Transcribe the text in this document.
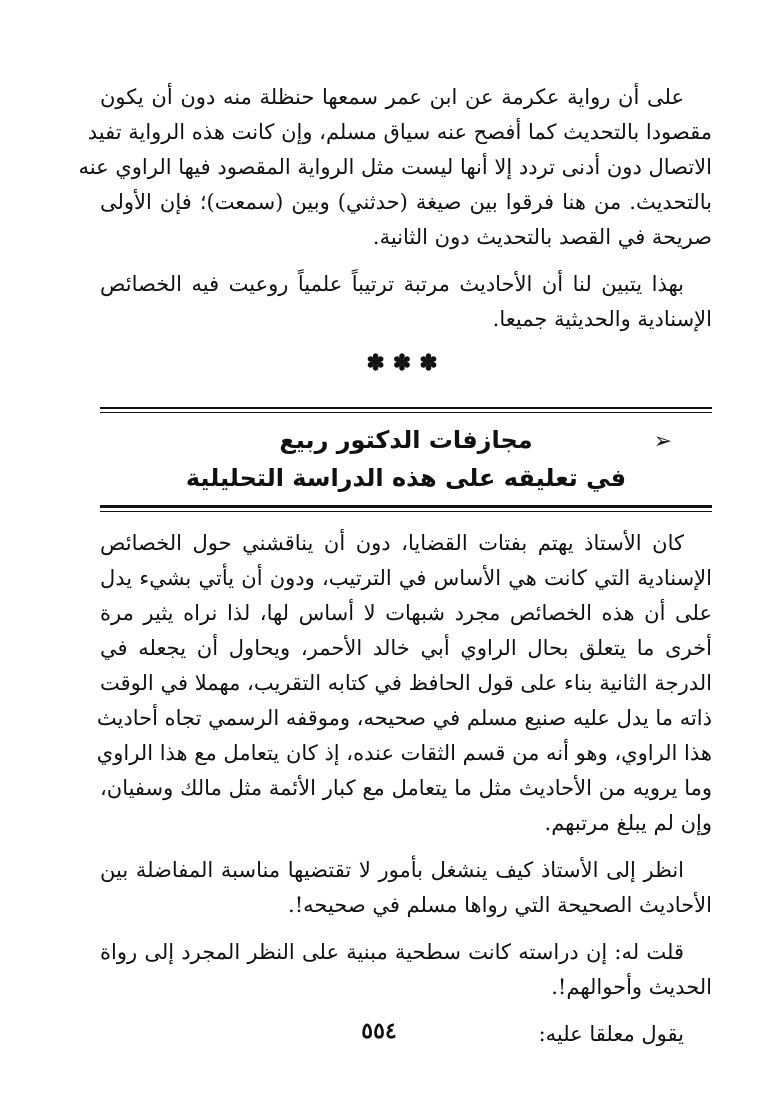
على أن رواية عكرمة عن ابن عمر سمعها حنظلة منه دون أن يكون
مقصودا بالتحديث كما أفصح عنه سياق مسلم، وإن كانت هذه الرواية تفيد
الاتصال دون أدنى تردد إلا أنها ليست مثل الرواية المقصود فيها الراوي عنه
بالتحديث. من هنا فرقوا بين صيغة (حدثني) وبين (سمعت)؛ فإن الأولى
صريحة في القصد بالتحديث دون الثانية.

بهذا يتبين لنا أن الأحاديث مرتبة ترتيباً علمياً روعيت فيه الخصائص
الإسنادية والحديثية جميعا.

✽✽✽
➢
مجازفات الدكتور ربيع
في تعليقه على هذه الدراسة التحليلية

كان الأستاذ يهتم بفتات القضايا، دون أن يناقشني حول الخصائص
الإسنادية التي كانت هي الأساس في الترتيب، ودون أن يأتي بشيء يدل
على أن هذه الخصائص مجرد شبهات لا أساس لها، لذا نراه يثير مرة
أخرى ما يتعلق بحال الراوي أبي خالد الأحمر، ويحاول أن يجعله في
الدرجة الثانية بناء على قول الحافظ في كتابه التقريب، مهملا في الوقت
ذاته ما يدل عليه صنيع مسلم في صحيحه، وموقفه الرسمي تجاه أحاديث
هذا الراوي، وهو أنه من قسم الثقات عنده، إذ كان يتعامل مع هذا الراوي
وما يرويه من الأحاديث مثل ما يتعامل مع كبار الأئمة مثل مالك وسفيان،
وإن لم يبلغ مرتبهم.

انظر إلى الأستاذ كيف ينشغل بأمور لا تقتضيها مناسبة المفاضلة بين
الأحاديث الصحيحة التي رواها مسلم في صحيحه!.

قلت له: إن دراسته كانت سطحية مبنية على النظر المجرد إلى رواة
الحديث وأحوالهم!.

يقول معلقا عليه:

٥٥٤
